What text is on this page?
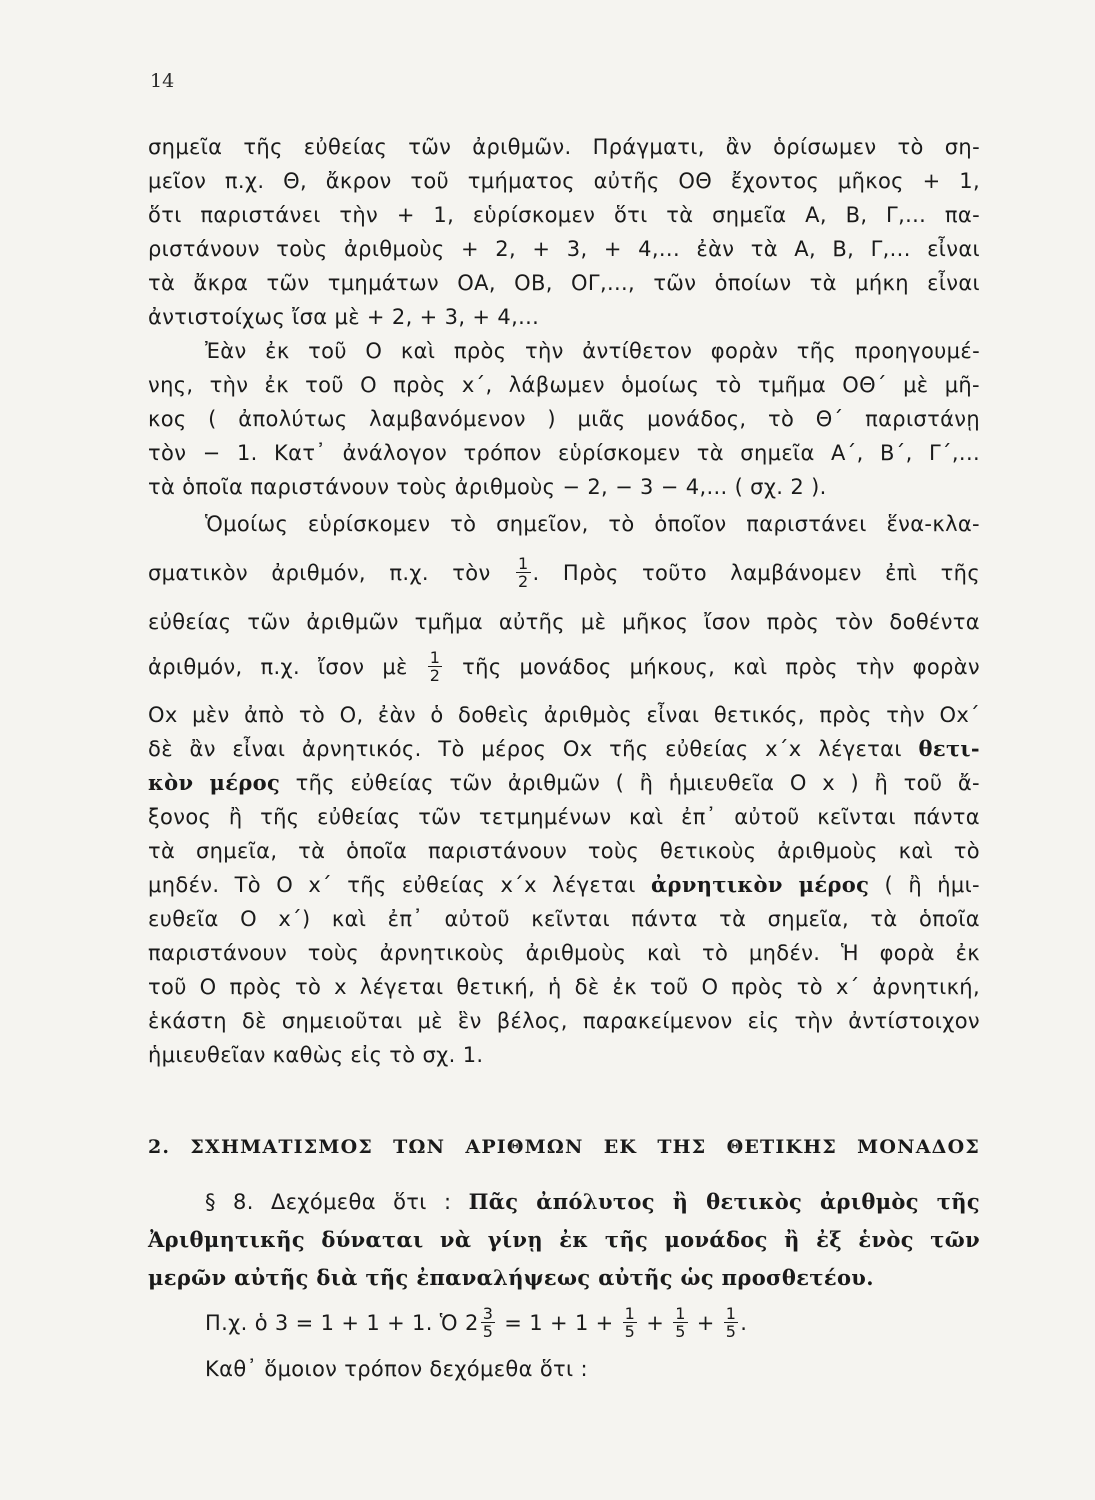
14
σημεῖα τῆς εὐθείας τῶν ἀριθμῶν. Πράγματι, ἂν ὁρίσωμεν τὸ ση-
μεῖον π.χ. Θ, ἄκρον τοῦ τμήματος αὐτῆς ΟΘ ἔχοντος μῆκος + 1,
ὅτι παριστάνει τὴν + 1, εὑρίσκομεν ὅτι τὰ σημεῖα Α, Β, Γ,... πα-
ριστάνουν τοὺς ἀριθμοὺς + 2, + 3, + 4,... ἐὰν τὰ Α, Β, Γ,... εἶναι
τὰ ἄκρα τῶν τμημάτων ΟΑ, ΟΒ, ΟΓ,..., τῶν ὁποίων τὰ μήκη εἶναι
ἀντιστοίχως ἴσα μὲ + 2, + 3, + 4,...
Ἐὰν ἐκ τοῦ Ο καὶ πρὸς τὴν ἀντίθετον φορὰν τῆς προηγουμέ-
νης, τὴν ἐκ τοῦ Ο πρὸς x΄, λάβωμεν ὁμοίως τὸ τμῆμα ΟΘ΄ μὲ μῆ-
κος ( ἀπολύτως λαμβανόμενον ) μιᾶς μονάδος, τὸ Θ΄ παριστάνῃ
τὸν − 1. Κατ᾿ ἀνάλογον τρόπον εὑρίσκομεν τὰ σημεῖα Α΄, Β΄, Γ΄,...
τὰ ὁποῖα παριστάνουν τοὺς ἀριθμοὺς − 2, − 3 − 4,... ( σχ. 2 ).
Ὁμοίως εὑρίσκομεν τὸ σημεῖον, τὸ ὁποῖον παριστάνει ἕνα-κλα-
σματικὸν ἀριθμόν, π.χ. τὸν $\frac{1}{2}$ . Πρὸς τοῦτο λαμβάνομεν ἐπὶ τῆς
εὐθείας τῶν ἀριθμῶν τμῆμα αὐτῆς μὲ μῆκος ἴσον πρὸς τὸν δοθέντα
ἀριθμόν, π.χ. ἴσον μὲ $\frac{1}{2}$ τῆς μονάδος μήκους, καὶ πρὸς τὴν φορὰν
Ox μὲν ἀπὸ τὸ Ο, ἐὰν ὁ δοθεὶς ἀριθμὸς εἶναι θετικός, πρὸς τὴν Ox΄
δὲ ἂν εἶναι ἀρνητικός. Τὸ μέρος Ox τῆς εὐθείας x΄x λέγεται θετι-
κὸν μέρος τῆς εὐθείας τῶν ἀριθμῶν ( ἢ ἡμιευθεῖα O x ) ἢ τοῦ ἄ-
ξονος ἢ τῆς εὐθείας τῶν τετμημένων καὶ ἐπ᾿ αὐτοῦ κεῖνται πάντα
τὰ σημεῖα, τὰ ὁποῖα παριστάνουν τοὺς θετικοὺς ἀριθμοὺς καὶ τὸ
μηδέν. Τὸ O x΄ τῆς εὐθείας x΄x λέγεται ἀρνητικὸν μέρος ( ἢ ἡμι-
ευθεῖα O x΄) καὶ ἐπ᾿ αὐτοῦ κεῖνται πάντα τὰ σημεῖα, τὰ ὁποῖα
παριστάνουν τοὺς ἀρνητικοὺς ἀριθμοὺς καὶ τὸ μηδέν. Ἡ φορὰ ἐκ
τοῦ Ο πρὸς τὸ x λέγεται θετική, ἡ δὲ ἐκ τοῦ Ο πρὸς τὸ x΄ ἀρνητική,
ἑκάστη δὲ σημειοῦται μὲ ἓν βέλος, παρακείμενον εἰς τὴν ἀντίστοιχον
ἡμιευθεῖαν καθὼς εἰς τὸ σχ. 1.
2. ΣΧΗΜΑΤΙΣΜΟΣ ΤΩΝ ΑΡΙΘΜΩΝ ΕΚ ΤΗΣ ΘΕΤΙΚΗΣ ΜΟΝΑΔΟΣ
§ 8. Δεχόμεθα ὅτι : Πᾶς ἀπόλυτος ἢ θετικὸς ἀριθμὸς τῆς
Ἀριθμητικῆς δύναται νὰ γίνῃ ἐκ τῆς μονάδος ἢ ἐξ ἑνὸς τῶν
μερῶν αὐτῆς διὰ τῆς ἐπαναλήψεως αὐτῆς ὡς προσθετέου.
Π.χ. ὁ 3 = 1 + 1 + 1. Ὁ $2 \frac{3}{5} = 1 + 1 + \frac{1}{5} + \frac{1}{5} + \frac{1}{5}$ .
Καθ᾿ ὅμοιον τρόπον δεχόμεθα ὅτι :
